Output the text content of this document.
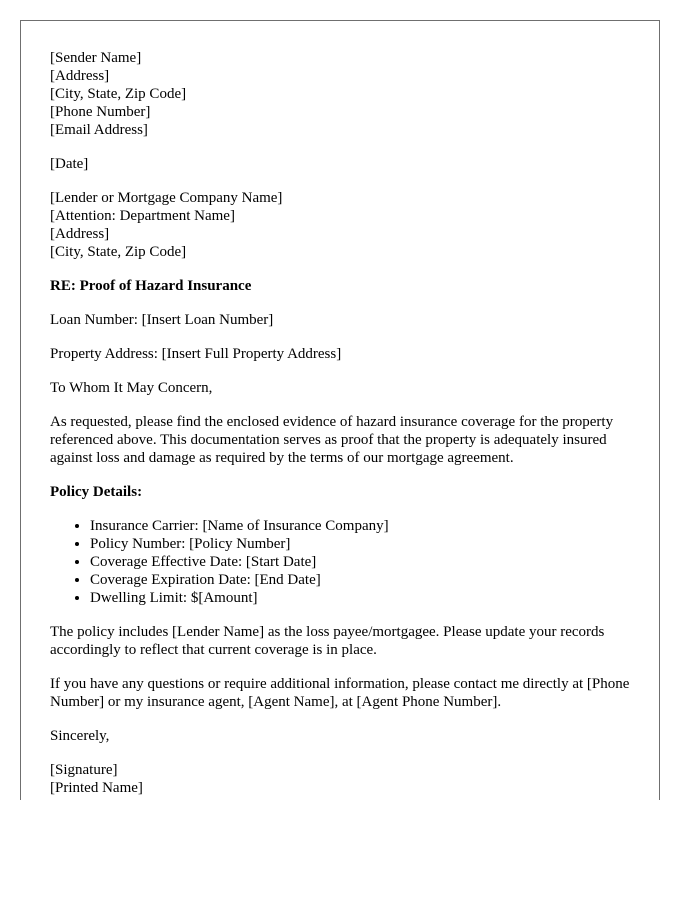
[Sender Name]
[Address]
[City, State, Zip Code]
[Phone Number]
[Email Address]

[Date]

[Lender or Mortgage Company Name]
[Attention: Department Name]
[Address]
[City, State, Zip Code]

RE: Proof of Hazard Insurance

Loan Number: [Insert Loan Number]

Property Address: [Insert Full Property Address]

To Whom It May Concern,

As requested, please find the enclosed evidence of hazard insurance coverage for the property referenced above. This documentation serves as proof that the property is adequately insured against loss and damage as required by the terms of our mortgage agreement.

Policy Details:

• Insurance Carrier: [Name of Insurance Company]
• Policy Number: [Policy Number]
• Coverage Effective Date: [Start Date]
• Coverage Expiration Date: [End Date]
• Dwelling Limit: $[Amount]

The policy includes [Lender Name] as the loss payee/mortgagee. Please update your records accordingly to reflect that current coverage is in place.

If you have any questions or require additional information, please contact me directly at [Phone Number] or my insurance agent, [Agent Name], at [Agent Phone Number].

Sincerely,

[Signature]
[Printed Name]
